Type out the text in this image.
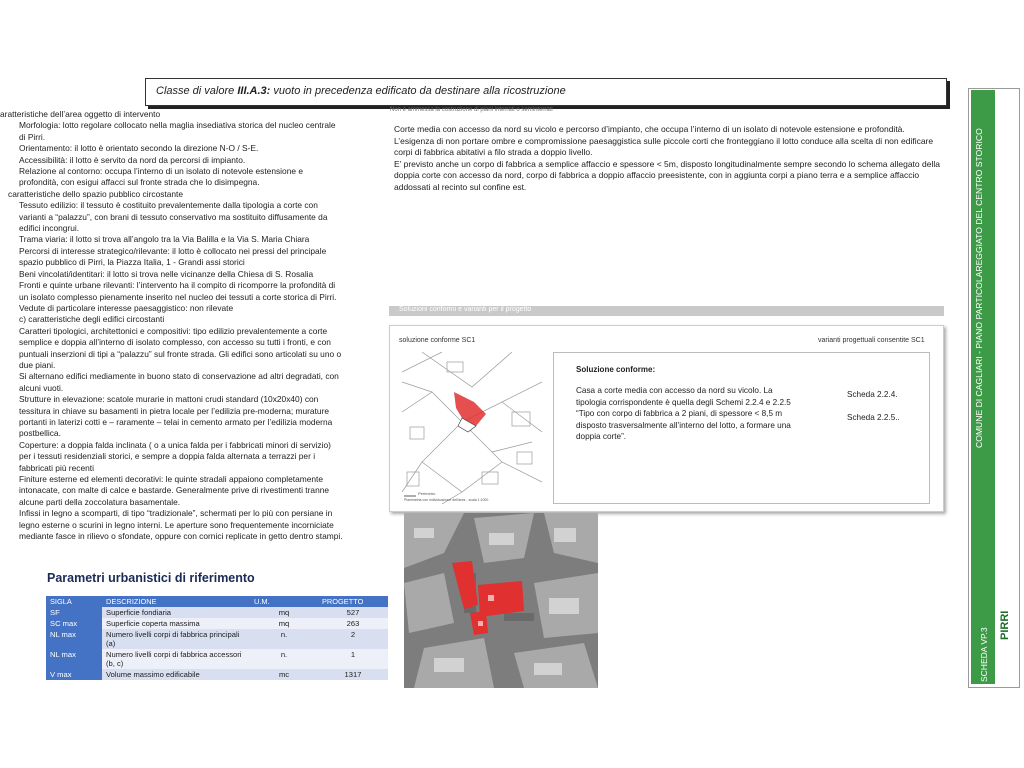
Classe di valore III.A.3: vuoto in precedenza edificato da destinare alla ricostruzione
Non è ammessa la costruzione di piani interrati o seminterrati
aratteristiche dell’area oggetto di intervento
Morfologia: lotto regolare collocato nella maglia insediativa storica del nucleo centrale
di Pirri.
Orientamento: il lotto è orientato secondo la direzione N-O / S-E.
Accessibilità: il lotto è servito da nord da percorsi di impianto.
Relazione al contorno: occupa l’interno di un isolato di notevole estensione e
profondità, con esigui affacci sul fronte strada che lo disimpegna.
caratteristiche dello spazio pubblico circostante
Tessuto edilizio: il tessuto è costituito prevalentemente dalla tipologia a corte con
varianti a “palazzu”, con brani di tessuto conservativo ma sostituito diffusamente da
edifici incongrui.
Trama viaria: il lotto si trova all’angolo tra la Via Balilla e la Via S. Maria Chiara
Percorsi di interesse strategico/rilevante: il lotto è collocato nei pressi del principale
spazio pubblico di Pirri, la Piazza Italia, 1 - Grandi assi storici
Beni vincolati/identitari: il lotto si trova nelle vicinanze della Chiesa di S. Rosalia
Fronti e quinte urbane rilevanti: l’intervento ha il compito di ricomporre la profondità di
un isolato complesso pienamente inserito nel nucleo dei tessuti a corte storica di Pirri.
Vedute di particolare interesse paesaggistico: non rilevate
c) caratteristiche degli edifici circostanti
Caratteri tipologici, architettonici e compositivi: tipo edilizio prevalentemente a corte
semplice e doppia all’interno di isolato complesso, con accesso su tutti i fronti, e con
puntuali inserzioni di tipi a “palazzu” sul fronte strada. Gli edifici sono articolati su uno o
due piani.
Si alternano edifici mediamente in buono stato di conservazione ad altri degradati, con
alcuni vuoti.
Strutture in elevazione: scatole murarie in mattoni crudi standard (10x20x40) con
tessitura in chiave su basamenti in pietra locale per l’edilizia pre-moderna; murature
portanti in laterizi cotti e – raramente – telai in cemento armato per l’edilizia moderna
postbellica.
Coperture: a doppia falda inclinata ( o a unica falda per i fabbricati minori di servizio)
per i tessuti residenziali storici, e sempre a doppia falda alternata a terrazzi per i
fabbricati più recenti
Finiture esterne ed elementi decorativi: le quinte stradali appaiono completamente
intonacate, con malte di calce e bastarde. Generalmente prive di rivestimenti tranne
alcune parti della zoccolatura basamentale.
Infissi in legno a scomparti, di tipo “tradizionale”, schermati per lo più con persiane in
legno esterne o scurini in legno interni. Le aperture sono frequentemente incorniciate
mediante fasce in rilievo o sfondate, oppure con cornici replicate in getto dentro stampi.
Corte media con accesso da nord su vicolo e percorso d’impianto, che occupa l’interno di un isolato di notevole estensione e profondità.
L’esigenza di non portare ombre e compromissione paesaggistica sulle piccole corti che fronteggiano il lotto conduce alla scelta di non edificare corpi di fabbrica abitativi a filo strada a doppio livello.
E’ previsto anche un corpo di fabbrica a semplice affaccio e spessore < 5m, disposto longitudinalmente sempre secondo lo schema allegato della doppia corte con accesso da nord, corpo di fabbrica a doppio affaccio preesistente, con in aggiunta corpi a piano terra e a semplice affaccio addossati al recinto sul confine est.
Parametri urbanistici di riferimento
SIGLA	DESCRIZIONE	U.M.	PROGETTO
SF	Superficie fondiaria	mq	527
SC max	Superficie coperta massima	mq	263
NL max	Numero livelli corpi di fabbrica principali (a)	n.	2
NL max	Numero livelli corpi di fabbrica accessori (b, c)	n.	1
V max	Volume massimo edificabile	mc	1317
Soluzioni conformi e varianti per il progetto
soluzione conforme SC1	varianti progettuali consentite SC1
Perimetro
Planimetria con individuazione dell'area - scala 1:1000
Soluzione conforme:
Casa a corte media con accesso da nord su vicolo. La tipologia corrispondente è quella degli Schemi 2.2.4 e 2.2.5 “Tipo con corpo di fabbrica a 2 piani, di spessore < 8,5 m disposto trasversalmente all’interno del lotto, a formare una doppia corte”.
Scheda 2.2.4.
Scheda 2.2.5..	COMUNE DI CAGLIARI - PIANO PARTICOLAREGGIATO DEL CENTRO STORICO
SCHEDA VP.3
PIRRI
